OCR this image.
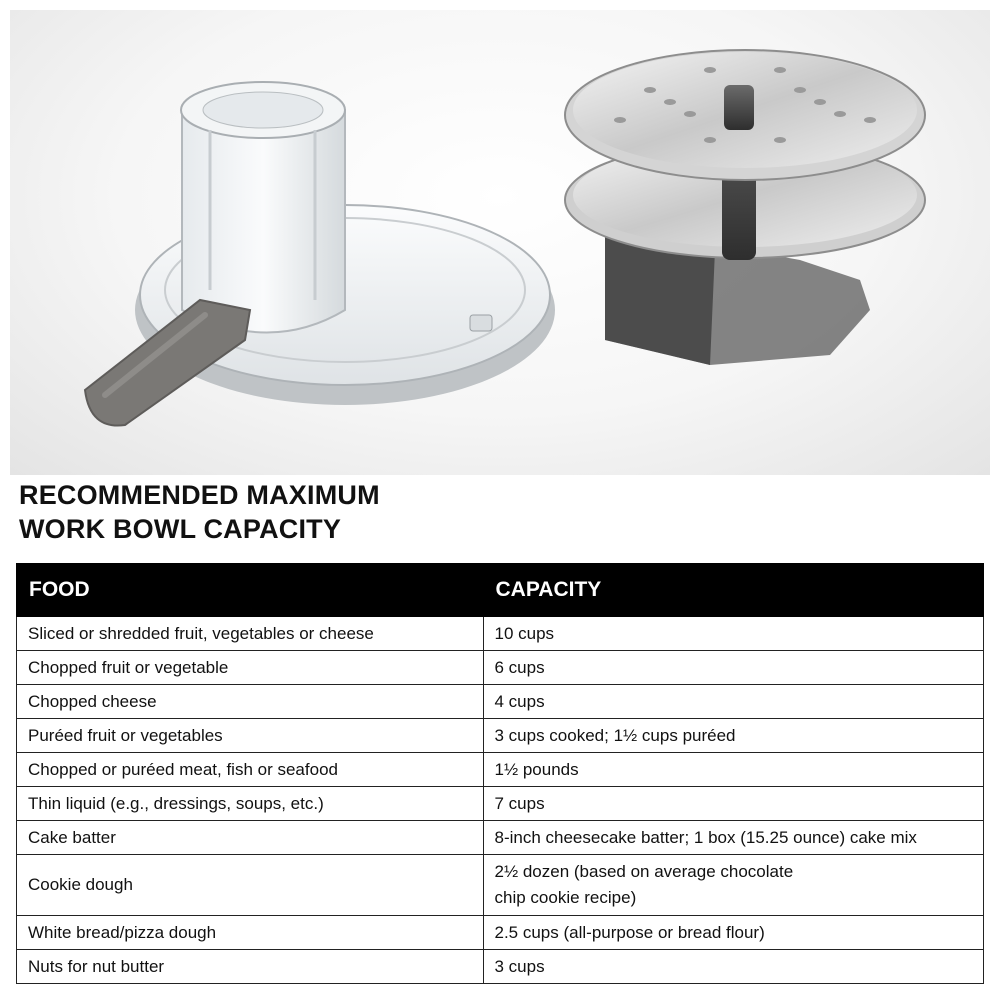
RECOMMENDED MAXIMUM
WORK BOWL CAPACITY
FOOD	CAPACITY
Sliced or shredded fruit, vegetables or cheese	10 cups
Chopped fruit or vegetable	6 cups
Chopped cheese	4 cups
Puréed fruit or vegetables	3 cups cooked; 1½ cups puréed
Chopped or puréed meat, fish or seafood	1½ pounds
Thin liquid (e.g., dressings, soups, etc.)	7 cups
Cake batter	8-inch cheesecake batter; 1 box (15.25 ounce) cake mix
Cookie dough	2½ dozen (based on average chocolate
chip cookie recipe)
White bread/pizza dough	2.5 cups (all-purpose or bread flour)
Nuts for nut butter	3 cups
